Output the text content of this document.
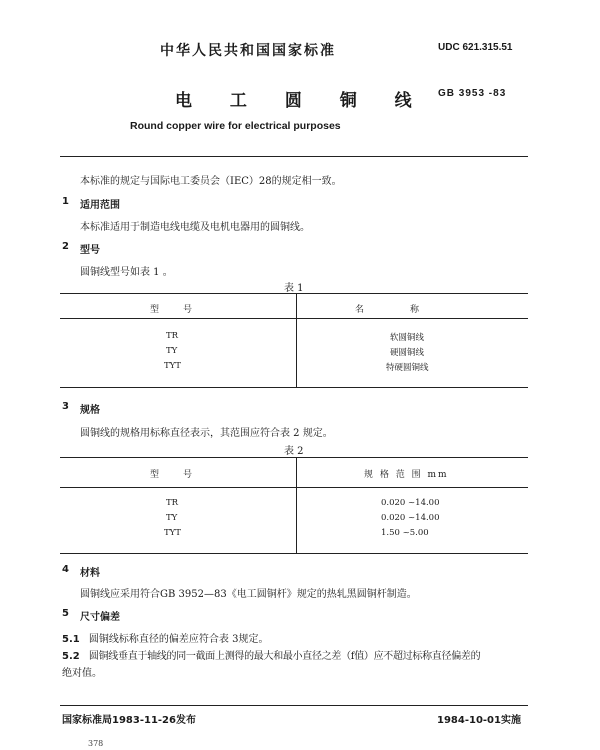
中华人民共和国国家标准	UDC 621.315.51
电 工 圆 铜 线 GB 3953 -83
Round copper wire for electrical purposes
本标准的规定与国际电工委员会（IEC）28的规定相一致。
1 适用范围
本标准适用于制造电线电缆及电机电器用的圆铜线。
2 型号
圆铜线型号如表 1 。
表 1
型　　号	名　　　　称
TR	软圆铜线
TY	硬圆铜线
TYT	特硬圆铜线
3 规格
圆铜线的规格用标称直径表示，其范围应符合表 2 规定。
表 2
型　　号	规 格 范 围 mm
TR	0.020 ~14.00
TY	0.020 ~14.00
TYT	1.50 ~5.00
4 材料
圆铜线应采用符合GB 3952—83《电工圆铜杆》规定的热轧黑圆铜杆制造。
5 尺寸偏差
5.1 圆铜线标称直径的偏差应符合表 3规定。
5.2 圆铜线垂直于轴线的同一截面上测得的最大和最小直径之差（f值）应不超过标称直径偏差的
绝对值。
国家标准局1983-11-26发布	1984-10-01实施
378
